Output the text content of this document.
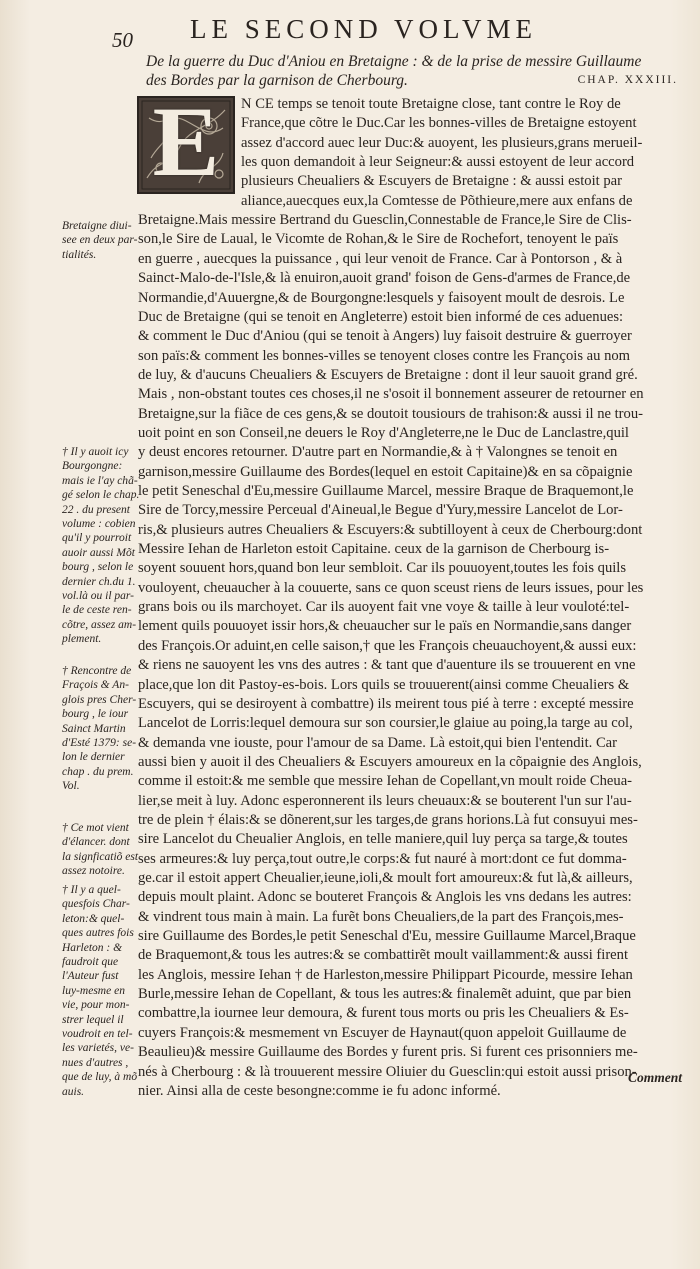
50 LE SECOND VOLVME
De la guerre du Duc d'Aniou en Bretaigne : & de la prise de messire Guillaume
des Bordes par la garnison de Cherbourg.	CHAP. XXXIII.
E	N CE temps se tenoit toute Bretaigne close, tant contre le Roy de
France,que cõtre le Duc.Car les bonnes-villes de Bretaigne estoyent
assez d'accord auec leur Duc:& auoyent, les plusieurs,grans merueil-
les quon demandoit à leur Seigneur:& aussi estoyent de leur accord
plusieurs Cheualiers & Escuyers de Bretaigne : & aussi estoit par
aliance,auecques eux,la Comtesse de Põthieure,mere aux enfans de
Bretaigne.Mais messire Bertrand du Guesclin,Connestable de France,le Sire de Clis-
son,le Sire de Laual, le Vicomte de Rohan,& le Sire de Rochefort, tenoyent le païs
en guerre , auecques la puissance , qui leur venoit de France. Car à Pontorson , & à
Sainct-Malo-de-l'Isle,& là enuiron,auoit grand' foison de Gens-d'armes de France,de
Normandie,d'Auuergne,& de Bourgongne:lesquels y faisoyent moult de desrois. Le
Duc de Bretaigne (qui se tenoit en Angleterre) estoit bien informé de ces aduenues:
& comment le Duc d'Aniou (qui se tenoit à Angers) luy faisoit destruire & guerroyer
son païs:& comment les bonnes-villes se tenoyent closes contre les François au nom
de luy, & d'aucuns Cheualiers & Escuyers de Bretaigne : dont il leur sauoit grand gré.
Mais , non-obstant toutes ces choses,il ne s'osoit il bonnement asseurer de retourner en
Bretaigne,sur la fiãce de ces gens,& se doutoit tousiours de trahison:& aussi il ne trou-
uoit point en son Conseil,ne deuers le Roy d'Angleterre,ne le Duc de Lanclastre,quil
y deust encores retourner. D'autre part en Normandie,& à † Valongnes se tenoit en
garnison,messire Guillaume des Bordes(lequel en estoit Capitaine)& en sa cõpaignie
le petit Seneschal d'Eu,messire Guillaume Marcel, messire Braque de Braquemont,le
Sire de Torcy,messire Perceual d'Aineual,le Begue d'Yury,messire Lancelot de Lor-
ris,& plusieurs autres Cheualiers & Escuyers:& subtilloyent à ceux de Cherbourg:dont
Messire Iehan de Harleton estoit Capitaine. ceux de la garnison de Cherbourg is-
soyent souuent hors,quand bon leur sembloit. Car ils pouuoyent,toutes les fois quils
vouloyent, cheuaucher à la couuerte, sans ce quon sceust riens de leurs issues, pour les
grans bois ou ils marchoyet. Car ils auoyent fait vne voye & taille à leur vouloté:tel-
lement quils pouuoyet issir hors,& cheuaucher sur le païs en Normandie,sans danger
des François.Or aduint,en celle saison,† que les François cheuauchoyent,& aussi eux:
& riens ne sauoyent les vns des autres : & tant que d'auenture ils se trouuerent en vne
place,que lon dit Pastoy-es-bois. Lors quils se trouuerent(ainsi comme Cheualiers &
Escuyers, qui se desiroyent à combattre) ils meirent tous pié à terre : excepté messire
Lancelot de Lorris:lequel demoura sur son coursier,le glaiue au poing,la targe au col,
& demanda vne iouste, pour l'amour de sa Dame. Là estoit,qui bien l'entendit. Car
aussi bien y auoit il des Cheualiers & Escuyers amoureux en la cõpaignie des Anglois,
comme il estoit:& me semble que messire Iehan de Copellant,vn moult roide Cheua-
lier,se meit à luy. Adonc esperonnerent ils leurs cheuaux:& se bouterent l'un sur l'au-
tre de plein † élais:& se dõnerent,sur les targes,de grans horions.Là fut consuyui mes-
sire Lancelot du Cheualier Anglois, en telle maniere,quil luy perça sa targe,& toutes
ses armeures:& luy perça,tout outre,le corps:& fut nauré à mort:dont ce fut domma-
ge.car il estoit appert Cheualier,ieune,ioli,& moult fort amoureux:& fut là,& ailleurs,
depuis moult plaint. Adonc se bouteret François & Anglois les vns dedans les autres:
& vindrent tous main à main. La furẽt bons Cheualiers,de la part des François,mes-
sire Guillaume des Bordes,le petit Seneschal d'Eu, messire Guillaume Marcel,Braque
de Braquemont,& tous les autres:& se combattirẽt moult vaillamment:& aussi firent
les Anglois, messire Iehan † de Harleston,messire Philippart Picourde, messire Iehan
Burle,messire Iehan de Copellant, & tous les autres:& finalemẽt aduint, que par bien
combattre,la iournee leur demoura, & furent tous morts ou pris les Cheualiers & Es-
cuyers François:& mesmement vn Escuyer de Haynaut(quon appeloit Guillaume de
Beaulieu)& messire Guillaume des Bordes y furent pris. Si furent ces prisonniers me-
nés à Cherbourg : & là trouuerent messire Oliuier du Guesclin:qui estoit aussi prison-
nier. Ainsi alla de ceste besongne:comme ie fu adonc informé.
Bretaigne diui-
see en deux par-
tialités.
† Il y auoit icy
Bourgongne:
mais ie l'ay chã-
gé selon le chap.
22 . du present
volume : cobien
qu'il y pourroit
auoir aussi Mõt
bourg , selon le
dernier ch.du 1.
vol.là ou il par-
le de ceste ren-
cõtre, assez am-
plement.
† Rencontre de
Fraçois & An-
glois pres Cher-
bourg , le iour
Sainct Martin
d'Esté 1379: se-
lon le dernier
chap . du prem.
Vol.
† Ce mot vient
d'élancer. dont
la signficatiõ est
assez notoire.
† Il y a quel-
quesfois Char-
leton:& quel-
ques autres fois
Harleton : &
faudroit que
l'Auteur fust
luy-mesme en
vie, pour mon-
strer lequel il
voudroit en tel-
les varietés, ve-
nues d'autres ,
que de luy, à mõ
auis.
Comment
